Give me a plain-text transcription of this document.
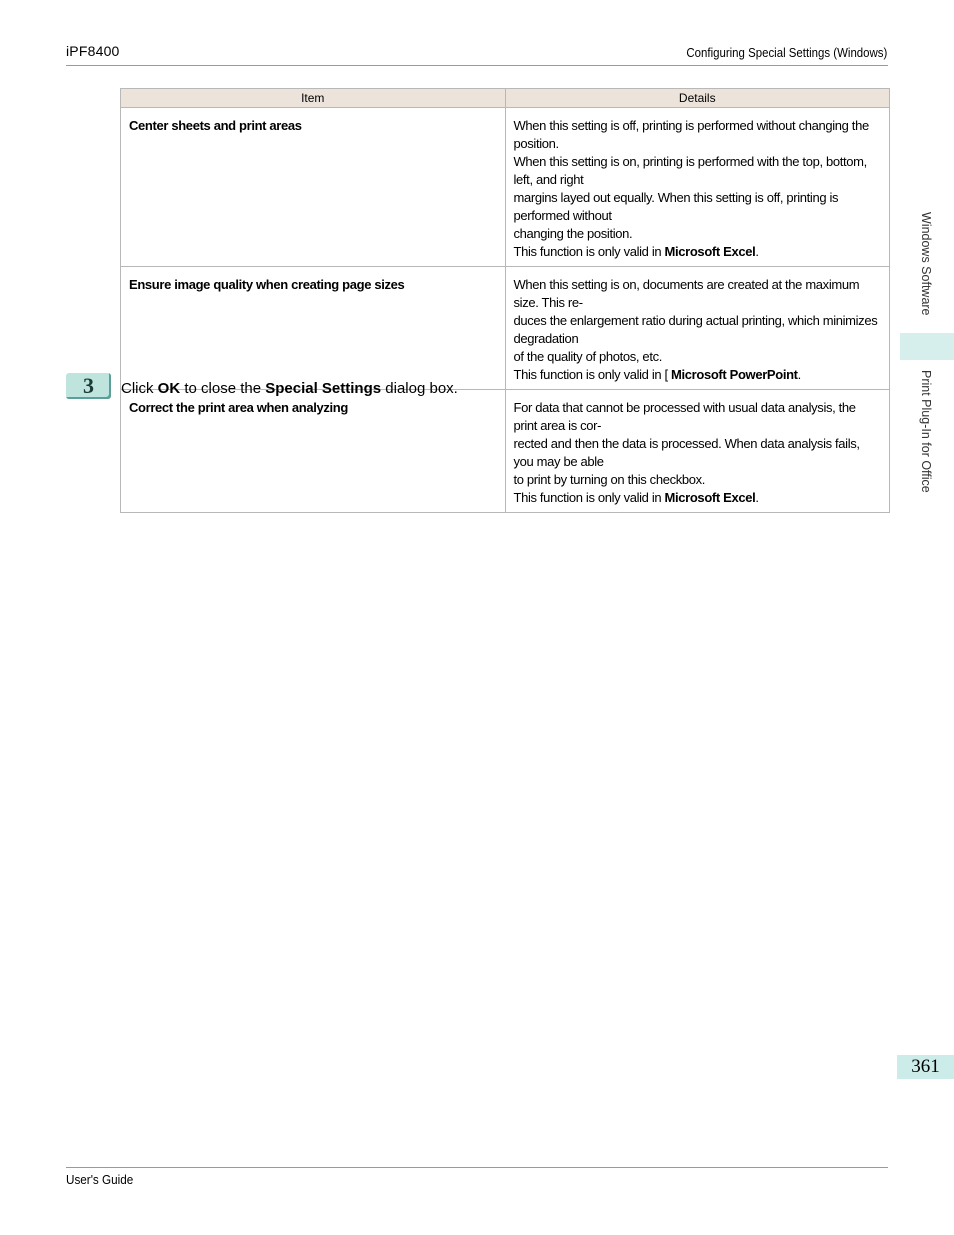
iPF8400	Configuring Special Settings (Windows)
Item	Details

Center sheets and print areas	When this setting is off, printing is performed without changing the position.
When this setting is on, printing is performed with the top, bottom, left, and right
margins layed out equally. When this setting is off, printing is performed without
changing the position.
This function is only valid in Microsoft Excel.

Ensure image quality when creating page sizes	When this setting is on, documents are created at the maximum size. This re-
duces the enlargement ratio during actual printing, which minimizes degradation
of the quality of photos, etc.
This function is only valid in [ Microsoft PowerPoint.

Correct the print area when analyzing	For data that cannot be processed with usual data analysis, the print area is cor-
rected and then the data is processed. When data analysis fails, you may be able
to print by turning on this checkbox.
This function is only valid in Microsoft Excel.
3 Click OK to close the Special Settings dialog box.
Windows Software
Print Plug-In for Office
361
User's Guide
